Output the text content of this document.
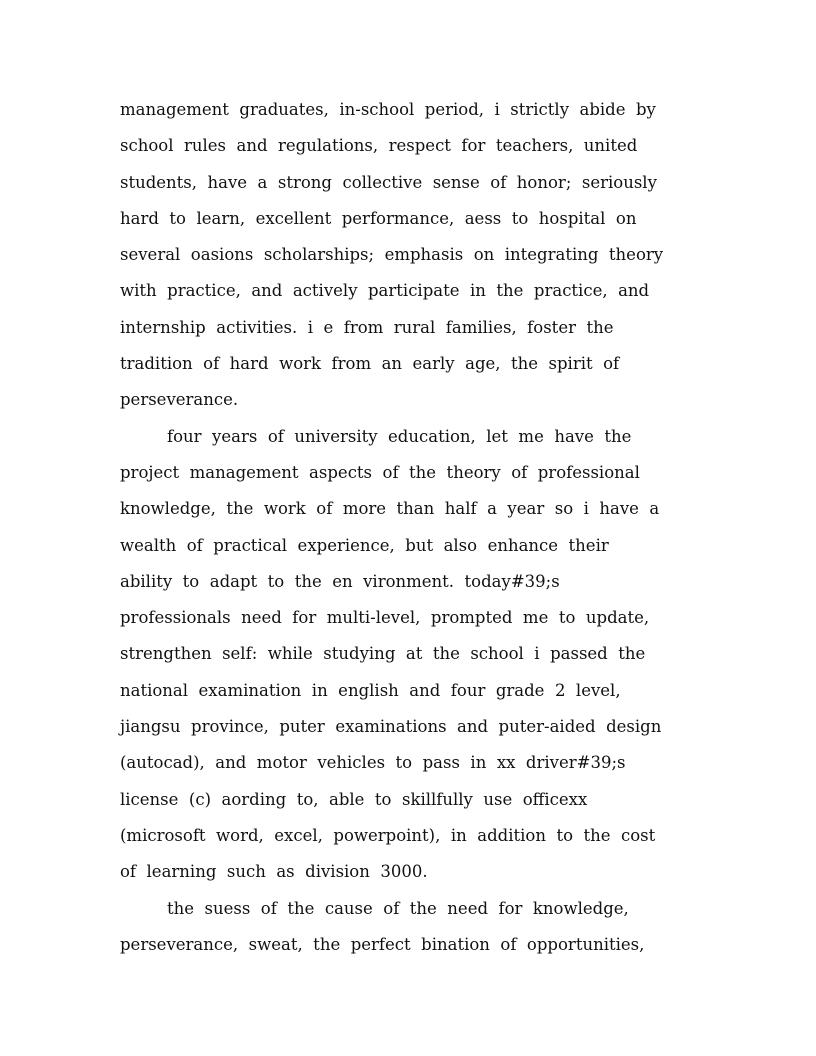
management  graduates,  in-school  period,  i  strictly  abide  by
school  rules  and  regulations,  respect  for  teachers,  united
students,  have  a  strong  collective  sense  of  honor;  seriously
hard  to  learn,  excellent  performance,  aess  to  hospital  on
several  oasions  scholarships;  emphasis  on  integrating  theory
with  practice,  and  actively  participate  in  the  practice,  and
internship  activities.  i  e  from  rural  families,  foster  the
tradition  of  hard  work  from  an  early  age,  the  spirit  of
perseverance.
four  years  of  university  education,  let  me  have  the
project  management  aspects  of  the  theory  of  professional
knowledge,  the  work  of  more  than  half  a  year  so  i  have  a
wealth  of  practical  experience,  but  also  enhance  their
ability  to  adapt  to  the  en  vironment.  today#39;s
professionals  need  for  multi-level,  prompted  me  to  update,
strengthen  self:  while  studying  at  the  school  i  passed  the
national  examination  in  english  and  four  grade  2  level,
jiangsu  province,  puter  examinations  and  puter-aided  design
(autocad),  and  motor  vehicles  to  pass  in  xx  driver#39;s
license  (c)  aording  to,  able  to  skillfully  use  officexx
(microsoft  word,  excel,  powerpoint),  in  addition  to  the  cost
of  learning  such  as  division  3000.
the  suess  of  the  cause  of  the  need  for  knowledge,
perseverance,  sweat,  the  perfect  bination  of  opportunities,
